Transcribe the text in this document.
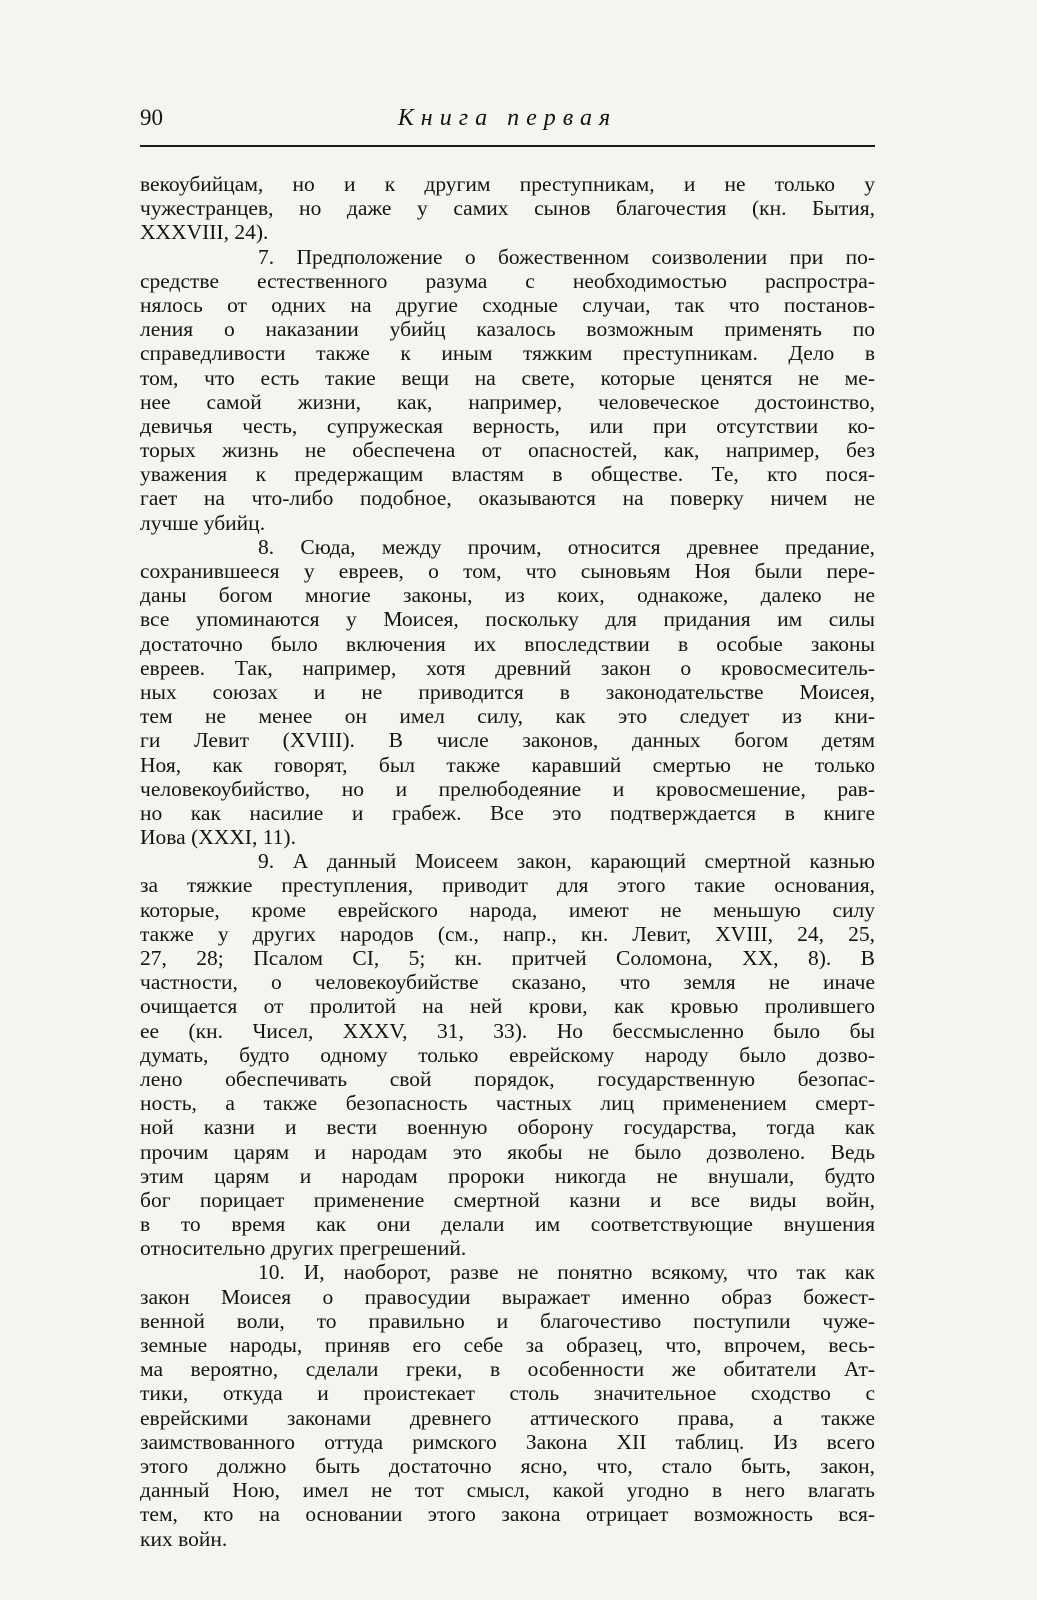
90	Книга первая
векоубийцам, но и к другим преступникам, и не только у
чужестранцев, но даже у самих сынов благочестия (кн. Бытия,
XXXVIII, 24).
7. Предположение о божественном соизволении при по-
средстве естественного разума с необходимостью распростра-
нялось от одних на другие сходные случаи, так что постанов-
ления о наказании убийц казалось возможным применять по
справедливости также к иным тяжким преступникам. Дело в
том, что есть такие вещи на свете, которые ценятся не ме-
нее самой жизни, как, например, человеческое достоинство,
девичья честь, супружеская верность, или при отсутствии ко-
торых жизнь не обеспечена от опасностей, как, например, без
уважения к предержащим властям в обществе. Те, кто пося-
гает на что-либо подобное, оказываются на поверку ничем не
лучше убийц.
8. Сюда, между прочим, относится древнее предание,
сохранившееся у евреев, о том, что сыновьям Ноя были пере-
даны богом многие законы, из коих, однакоже, далеко не
все упоминаются у Моисея, поскольку для придания им силы
достаточно было включения их впоследствии в особые законы
евреев. Так, например, хотя древний закон о кровосмеситель-
ных союзах и не приводится в законодательстве Моисея,
тем не менее он имел силу, как это следует из кни-
ги Левит (XVIII). В числе законов, данных богом детям
Ноя, как говорят, был также каравший смертью не только
человекоубийство, но и прелюбодеяние и кровосмешение, рав-
но как насилие и грабеж. Все это подтверждается в книге
Иова (XXXI, 11).
9. А данный Моисеем закон, карающий смертной казнью
за тяжкие преступления, приводит для этого такие основания,
которые, кроме еврейского народа, имеют не меньшую силу
также у других народов (см., напр., кн. Левит, XVIII, 24, 25,
27, 28; Псалом CI, 5; кн. притчей Соломона, XX, 8). В
частности, о человекоубийстве сказано, что земля не иначе
очищается от пролитой на ней крови, как кровью пролившего
ее (кн. Чисел, XXXV, 31, 33). Но бессмысленно было бы
думать, будто одному только еврейскому народу было дозво-
лено обеспечивать свой порядок, государственную безопас-
ность, а также безопасность частных лиц применением смерт-
ной казни и вести военную оборону государства, тогда как
прочим царям и народам это якобы не было дозволено. Ведь
этим царям и народам пророки никогда не внушали, будто
бог порицает применение смертной казни и все виды войн,
в то время как они делали им соответствующие внушения
относительно других прегрешений.
10. И, наоборот, разве не понятно всякому, что так как
закон Моисея о правосудии выражает именно образ божест-
венной воли, то правильно и благочестиво поступили чуже-
земные народы, приняв его себе за образец, что, впрочем, весь-
ма вероятно, сделали греки, в особенности же обитатели Ат-
тики, откуда и проистекает столь значительное сходство с
еврейскими законами древнего аттического права, а также
заимствованного оттуда римского Закона XII таблиц. Из всего
этого должно быть достаточно ясно, что, стало быть, закон,
данный Ною, имел не тот смысл, какой угодно в него влагать
тем, кто на основании этого закона отрицает возможность вся-
ких войн.
